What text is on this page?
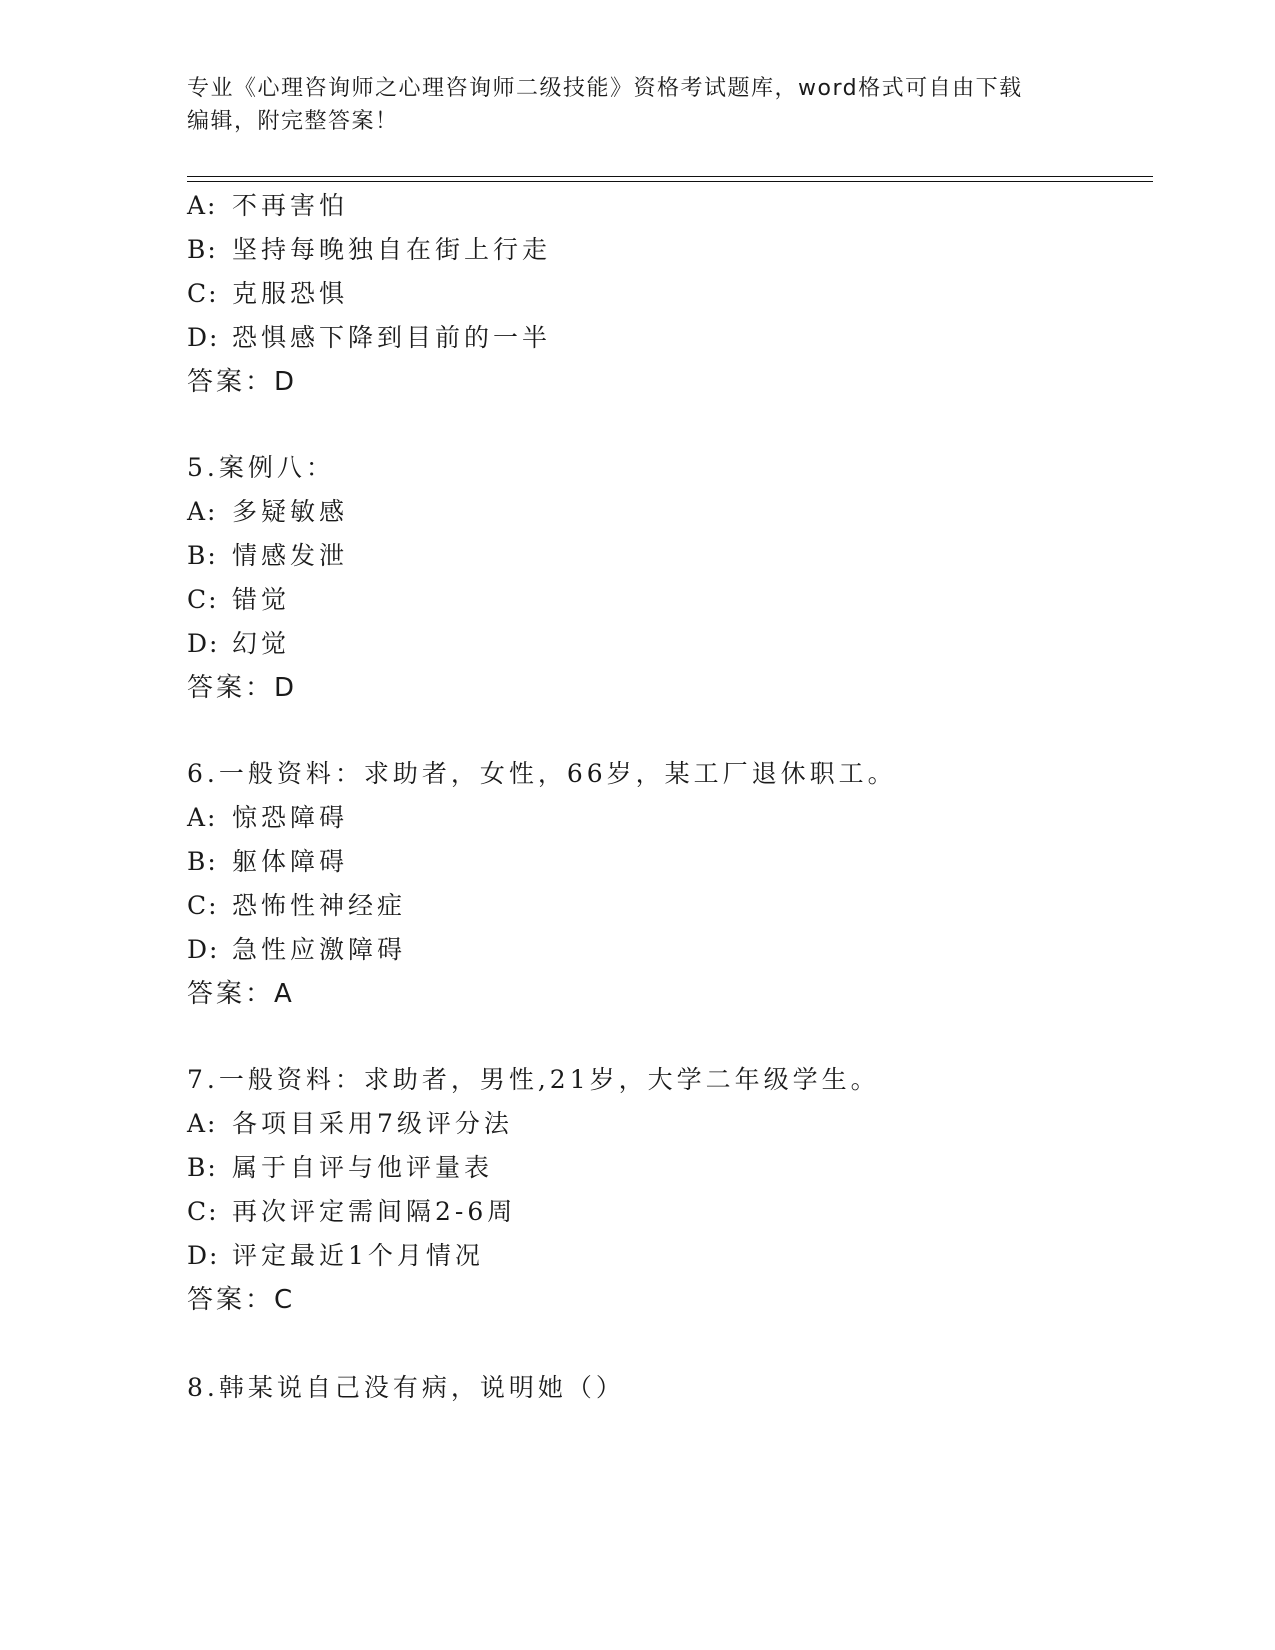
专业《心理咨询师之心理咨询师二级技能》资格考试题库，word格式可自由下载
编辑，附完整答案！
A: 不再害怕
B: 坚持每晚独自在街上行走
C: 克服恐惧
D: 恐惧感下降到目前的一半
答案：D
5.案例八：
A: 多疑敏感
B: 情感发泄
C: 错觉
D: 幻觉
答案：D
6.一般资料：求助者，女性，66岁，某工厂退休职工。
A: 惊恐障碍
B: 躯体障碍
C: 恐怖性神经症
D: 急性应激障碍
答案：A
7.一般资料：求助者，男性,21岁，大学二年级学生。
A: 各项目采用7级评分法
B: 属于自评与他评量表
C: 再次评定需间隔2-6周
D: 评定最近1个月情况
答案：C
8.韩某说自己没有病，说明她（）
